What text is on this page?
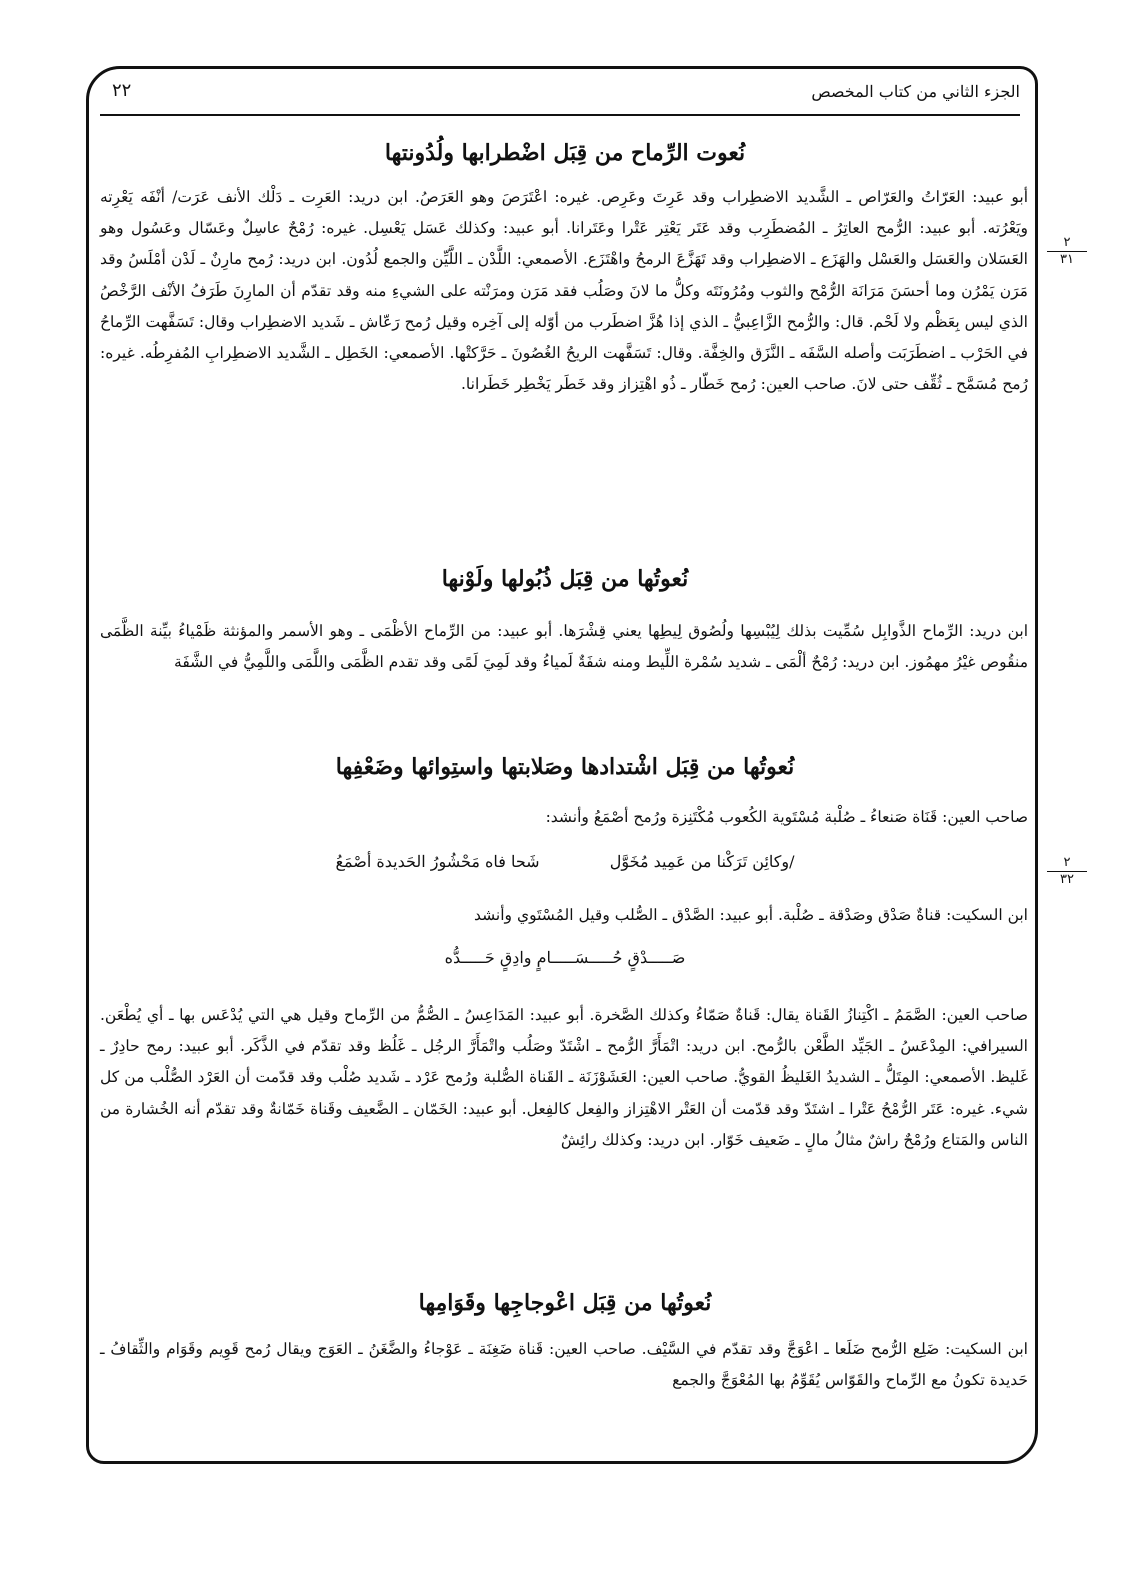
الجزء الثاني من كتاب المخصص
٢٢
نُعوت الرِّماح من قِبَل اضْطرابها ولُدُونتها
أبو عبيد: العَرّاتُ والعَرّاص ـ الشَّديد الاضطِراب وقد عَرِتَ وعَرِص. غيره: اعْتَرَصَ وهو العَرَصُ. ابن دريد: العَرِت ـ دَلْك الأنف عَرَت/ أنْفَه يَعْرِته ويَعْرُته. أبو عبيد: الرُّمح العاتِرُ ـ المُضطَرِب وقد عَتَر يَعْتِر عَتْرا وعَتَرانا. أبو عبيد: وكذلك عَسَل يَعْسِل. غيره: رُمْحٌ عاسِلٌ وعَسّال وعَسُول وهو العَسَلان والعَسَل والعَسْل والهَزَع ـ الاضطِراب وقد تَهَزَّعَ الرمحُ واهْتَزَع. الأصمعي: اللَّدْن ـ اللَّيِّن والجمع لُدُون. ابن دريد: رُمح مارِنٌ ـ لَدْن أمْلَسُ وقد مَرَن يَمْرُن وما أحسَنَ مَرَانَة الرُّمْح والثوب ومُرُونَتَه وكلُّ ما لانَ وصَلُب فقد مَرَن ومرَنْته على الشيءِ منه وقد تقدّم أن المارِنَ طَرَفُ الأنْف الرَّخْصُ الذي ليس بِعَظْم ولا لَحْم. قال: والرُّمح الزَّاعِبيُّ ـ الذي إذا هُزَّ اضطَرب من أوّله إلى آخِره وقيل رُمح رَعّاش ـ شَديد الاضطِراب وقال: تَسَفَّهت الرِّماحُ في الحَرْب ـ اضطَرَبَت وأصله السَّفَه ـ النَّزَق والخِفَّة. وقال: تَسَفَّهت الريحُ الغُصُونَ ـ حَرَّكتْها. الأصمعي: الخَطِل ـ الشَّديد الاضطِرابِ المُفرِطُه. غيره: رُمح مُسَمَّح ـ ثُقِّف حتى لانَ. صاحب العين: رُمح خَطّار ـ ذُو اهْتِزاز وقد خَطَر يَخْطِر خَطَرانا.
٢
٣١
نُعوتُها من قِبَل ذُبُولها ولَوْنها
ابن دريد: الرِّماح الذَّوابِل سُمِّيت بذلك لِيُبْسِها ولُصُوق لِيطِها يعني قِشْرَها. أبو عبيد: من الرِّماح الأظْمَى ـ وهو الأسمر والمؤنثة ظَمْياءُ بيِّنة الظَّمَى منقُوص غيْرُ مهمُوز. ابن دريد: رُمْحٌ ألْمَى ـ شديد سُمْرة اللِّيط ومنه شفَةٌ لَمياءُ وقد لَمِيَ لَمًى وقد تقدم الظَّمَى واللَّمَى واللَّمِيُّ في الشَّفَة
نُعوتُها من قِبَل اشْتدادها وصَلابتها واستِوائها وضَعْفِها
صاحب العين: قَنَاة صَنعاءُ ـ صُلْبة مُسْتَوية الكُعوب مُكْتَنِزة ورُمح أصْمَعُ وأنشد:
/وكائِن تَرَكْنا من عَمِيد مُخَوَّل  شَحا فاه مَحْشُورُ الحَديدة أصْمَعُ	٢
٣٢
ابن السكيت: قناةٌ صَدْق وصَدْقة ـ صُلْبة. أبو عبيد: الصَّدْق ـ الصُّلب وقيل المُسْتَوي وأنشد
صَـــــدْقٍ حُـــــسَـــــامٍ وادِقٍ حَـــــدُّه
صاحب العين: الصَّمَمُ ـ اكْتِنازُ القَناة يقال: قَناةٌ صَمّاءُ وكذلك الصَّخرة. أبو عبيد: المَدَاعِسُ ـ الصُّمُّ من الرِّماح وقيل هي التي يُدْعَس بها ـ أي يُطْعَن. السيرافي: المِدْعَسُ ـ الجَيِّد الطَّعْن بالرُّمح. ابن دريد: اتْمَأَرَّ الرُّمح ـ اشْتَدّ وصَلُب واتْمَأَرَّ الرجُل ـ غَلُظ وقد تقدّم في الذَّكَر. أبو عبيد: رمح حادِرٌ ـ غَليظ. الأصمعي: المِتَلُّ ـ الشديدُ الغَليظُ القويُّ. صاحب العين: العَشَوْزَنَة ـ القَناة الصُّلبة ورُمح عَرْد ـ شَديد صُلْب وقد قدّمت أن العَرْد الصُّلْب من كل شيء. غيره: عَتَر الرُّمْحُ عَتْرا ـ اشتَدّ وقد قدّمت أن العَتْر الاهْتِزاز والفِعل كالفِعل. أبو عبيد: الخَمّان ـ الضَّعيف وقَناة خَمّانةٌ وقد تقدّم أنه الخُشارة من الناس والمَتاع ورُمْحٌ راشٌ مثالُ مالٍ ـ ضَعيف خَوّار. ابن دريد: وكذلك رائِشٌ
نُعوتُها من قِبَل اعْوجاجِها وقَوَامِها
ابن السكيت: ضَلِع الرُّمح ضَلَعا ـ اعْوَجَّ وقد تقدّم في السَّيْف. صاحب العين: قَناة ضَغِنَة ـ عَوْجاءُ والضَّغَنُ ـ العَوَج ويقال رُمح قَوِيم وقَوَام والثِّقافُ ـ حَديدة تكونُ مع الرِّماح والقَوّاس يُقَوِّمُ بها المُعْوَجَّ والجمع
